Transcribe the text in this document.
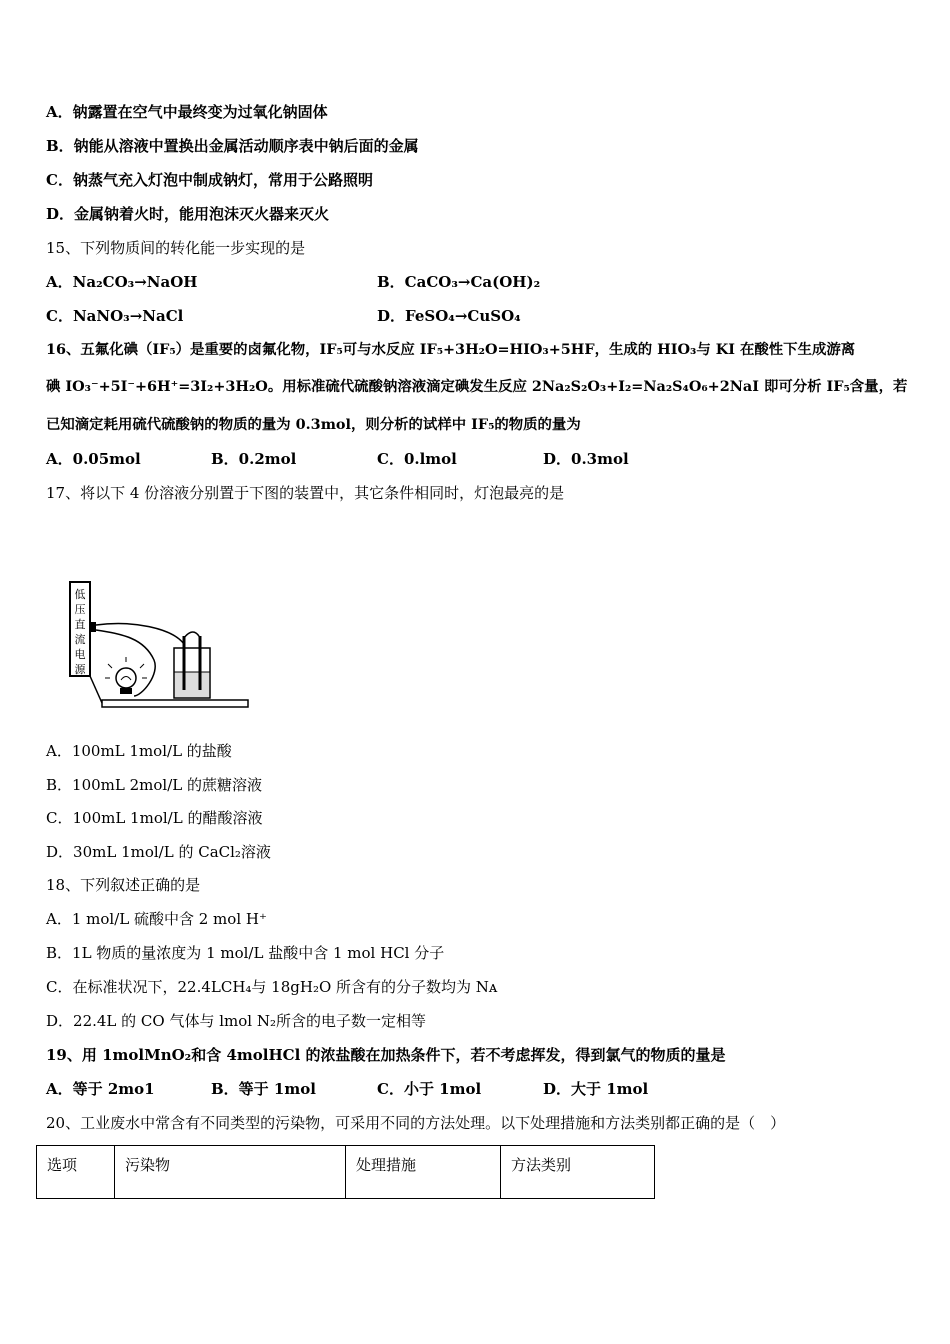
A．钠露置在空气中最终变为过氧化钠固体
B．钠能从溶液中置换出金属活动顺序表中钠后面的金属
C．钠蒸气充入灯泡中制成钠灯，常用于公路照明
D．金属钠着火时，能用泡沫灭火器来灭火
15、下列物质间的转化能一步实现的是
A．Na₂CO₃→NaOH	B．CaCO₃→Ca(OH)₂
C．NaNO₃→NaCl	D．FeSO₄→CuSO₄
16、五氟化碘（IF₅）是重要的卤氟化物，IF₅可与水反应 IF₅+3H₂O=HIO₃+5HF，生成的 HIO₃与 KI 在酸性下生成游离
碘 IO₃⁻+5I⁻+6H⁺=3I₂+3H₂O。用标准硫代硫酸钠溶液滴定碘发生反应 2Na₂S₂O₃+I₂=Na₂S₄O₆+2NaI 即可分析 IF₅含量，若
已知滴定耗用硫代硫酸钠的物质的量为 0.3mol，则分析的试样中 IF₅的物质的量为
A．0.05mol	B．0.2mol	C．0.lmol	D．0.3mol
17、将以下 4 份溶液分别置于下图的装置中，其它条件相同时，灯泡最亮的是
低
压
直
流
电
源
A．100mL 1mol/L 的盐酸
B．100mL 2mol/L 的蔗糖溶液
C．100mL 1mol/L 的醋酸溶液
D．30mL 1mol/L 的 CaCl₂溶液
18、下列叙述正确的是
A．1 mol/L 硫酸中含 2 mol H⁺
B．1L 物质的量浓度为 1 mol/L 盐酸中含 1 mol HCl 分子
C．在标准状况下，22.4LCH₄与 18gH₂O 所含有的分子数均为 Nᴀ
D．22.4L 的 CO 气体与 lmol N₂所含的电子数一定相等
19、用 1molMnO₂和含 4molHCl 的浓盐酸在加热条件下，若不考虑挥发，得到氯气的物质的量是
A．等于 2mo1	B．等于 1mol	C．小于 1mol	D．大于 1mol
20、工业废水中常含有不同类型的污染物，可采用不同的方法处理。以下处理措施和方法类别都正确的是（　）
选项	污染物	处理措施	方法类别
